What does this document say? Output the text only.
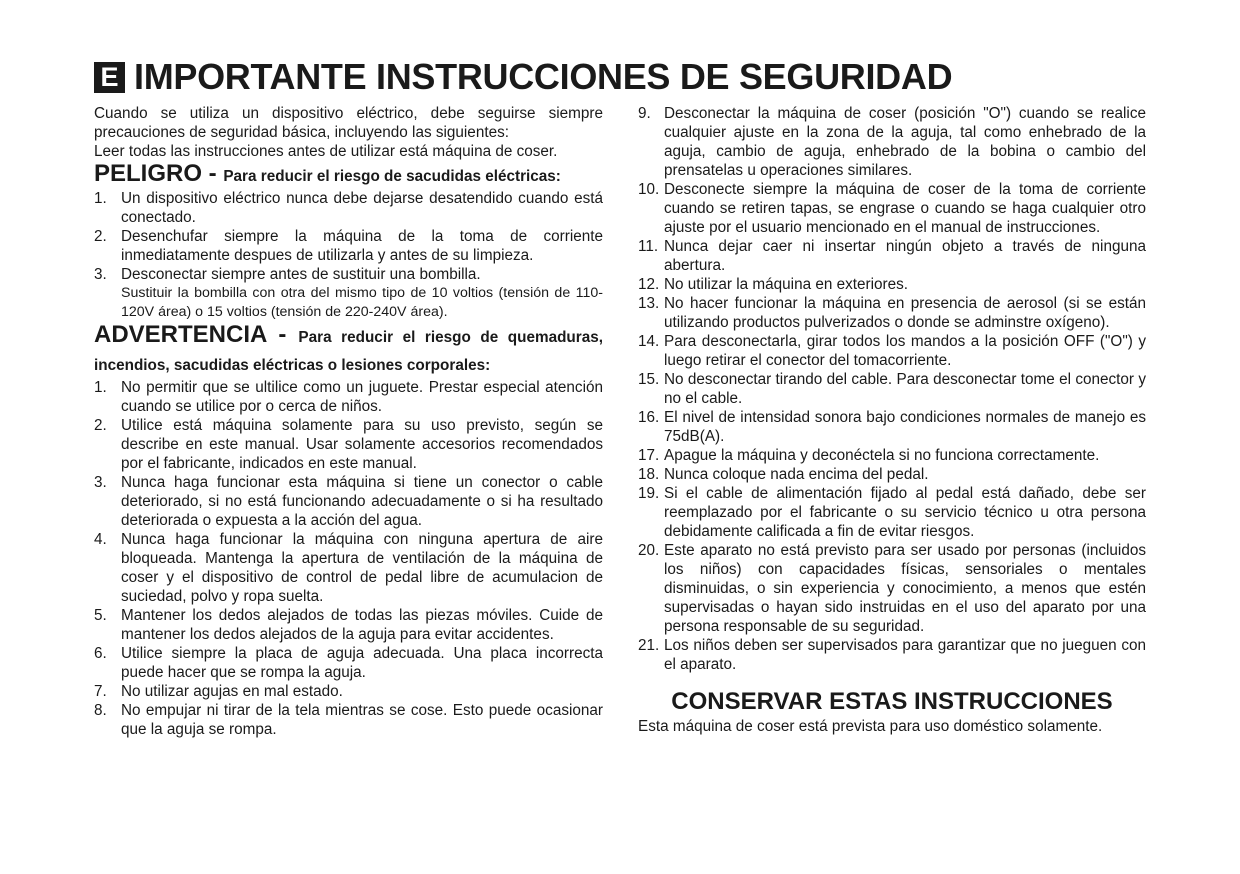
E IMPORTANTE INSTRUCCIONES DE SEGURIDAD

Cuando se utiliza un dispositivo eléctrico, debe seguirse siempre precauciones de seguridad básica, incluyendo las siguientes:
Leer todas las instrucciones antes de utilizar está máquina de coser.

PELIGRO - Para reducir el riesgo de sacudidas eléctricas:
1. Un dispositivo eléctrico nunca debe dejarse desatendido cuando está conectado.
2. Desenchufar siempre la máquina de la toma de corriente inmediatamente despues de utilizarla y antes de su limpieza.
3. Desconectar siempre antes de sustituir una bombilla.
Sustituir la bombilla con otra del mismo tipo de 10 voltios (tensión de 110-120V área) o 15 voltios (tensión de 220-240V área).
ADVERTENCIA - Para reducir el riesgo de quemaduras, incendios, sacudidas eléctricas o lesiones corporales:
1. No permitir que se ultilice como un juguete. Prestar especial atención cuando se utilice por o cerca de niños.
2. Utilice está máquina solamente para su uso previsto, según se describe en este manual. Usar solamente accesorios recomendados por el fabricante, indicados en este manual.
3. Nunca haga funcionar esta máquina si tiene un conector o cable deteriorado, si no está funcionando adecuadamente o si ha resultado deteriorada o expuesta a la acción del agua.
4. Nunca haga funcionar la máquina con ninguna apertura de aire bloqueada. Mantenga la apertura de ventilación de la máquina de coser y el dispositivo de control de pedal libre de acumulacion de suciedad, polvo y ropa suelta.
5. Mantener los dedos alejados de todas las piezas móviles. Cuide de mantener los dedos alejados de la aguja para evitar accidentes.
6. Utilice siempre la placa de aguja adecuada. Una placa incorrecta puede hacer que se rompa la aguja.
7. No utilizar agujas en mal estado.
8. No empujar ni tirar de la tela mientras se cose. Esto puede ocasionar que la aguja se rompa.
9. Desconectar la máquina de coser (posición "O") cuando se realice cualquier ajuste en la zona de la aguja, tal como enhebrado de la aguja, cambio de aguja, enhebrado de la bobina o cambio del prensatelas u operaciones similares.
10. Desconecte siempre la máquina de coser de la toma de corriente cuando se retiren tapas, se engrase o cuando se haga cualquier otro ajuste por el usuario mencionado en el manual de instrucciones.
11. Nunca dejar caer ni insertar ningún objeto a través de ninguna abertura.
12. No utilizar la máquina en exteriores.
13. No hacer funcionar la máquina en presencia de aerosol (si se están utilizando productos pulverizados o donde se adminstre oxígeno).
14. Para desconectarla, girar todos los mandos a la posición OFF ("O") y luego retirar el conector del tomacorriente.
15. No desconectar tirando del cable. Para desconectar tome el conector y no el cable.
16. El nivel de intensidad sonora bajo condiciones normales de manejo es 75dB(A).
17. Apague la máquina y deconéctela si no funciona correctamente.
18. Nunca coloque nada encima del pedal.
19. Si el cable de alimentación fijado al pedal está dañado, debe ser reemplazado por el fabricante o su servicio técnico u otra persona debidamente calificada a fin de evitar riesgos.
20. Este aparato no está previsto para ser usado por personas (incluidos los niños) con capacidades físicas, sensoriales o mentales disminuidas, o sin experiencia y conocimiento, a menos que estén supervisadas o hayan sido instruidas en el uso del aparato por una persona responsable de su seguridad.
21. Los niños deben ser supervisados para garantizar que no jueguen con el aparato.
CONSERVAR ESTAS INSTRUCCIONES

Esta máquina de coser está prevista para uso doméstico solamente.
